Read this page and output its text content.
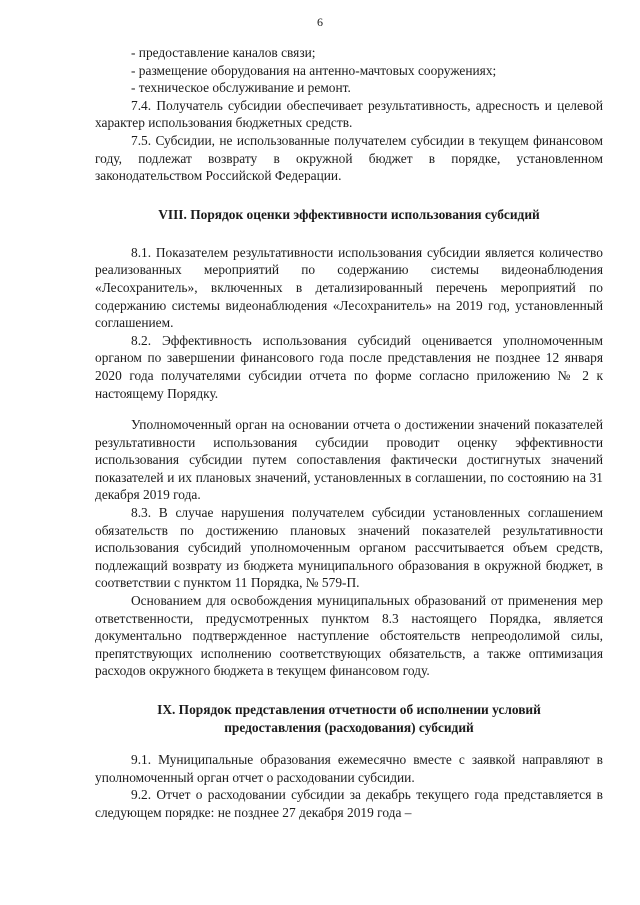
6

- предоставление каналов связи;

- размещение оборудования на антенно-мачтовых сооружениях;

- техническое обслуживание и ремонт.

7.4. Получатель субсидии обеспечивает результативность, адресность и целевой характер использования бюджетных средств.

7.5. Субсидии, не использованные получателем субсидии в текущем финансовом году, подлежат возврату в окружной бюджет в порядке, установленном законодательством Российской Федерации.

VIII. Порядок оценки эффективности использования субсидий

8.1. Показателем результативности использования субсидии является количество реализованных мероприятий по содержанию системы видеонаблюдения «Лесохранитель», включенных в детализированный перечень мероприятий по содержанию системы видеонаблюдения «Лесохранитель» на 2019 год, установленный соглашением.

8.2. Эффективность использования субсидий оценивается уполномоченным органом по завершении финансового года после представления не позднее 12 января 2020 года получателями субсидии отчета по форме согласно приложению № 2 к настоящему Порядку.

Уполномоченный орган на основании отчета о достижении значений показателей результативности использования субсидии проводит оценку эффективности использования субсидии путем сопоставления фактически достигнутых значений показателей и их плановых значений, установленных в соглашении, по состоянию на 31 декабря 2019 года.

8.3. В случае нарушения получателем субсидии установленных соглашением обязательств по достижению плановых значений показателей результативности использования субсидий уполномоченным органом рассчитывается объем средств, подлежащий возврату из бюджета муниципального образования в окружной бюджет, в соответствии с пунктом 11 Порядка, № 579-П.

Основанием для освобождения муниципальных образований от применения мер ответственности, предусмотренных пунктом 8.3 настоящего Порядка, является документально подтвержденное наступление обстоятельств непреодолимой силы, препятствующих исполнению соответствующих обязательств, а также оптимизация расходов окружного бюджета в текущем финансовом году.

IX. Порядок представления отчетности об исполнении условий

предоставления (расходования) субсидий

9.1. Муниципальные образования ежемесячно вместе с заявкой направляют в уполномоченный орган отчет о расходовании субсидии.

9.2. Отчет о расходовании субсидии за декабрь текущего года представляется в следующем порядке: не позднее 27 декабря 2019 года –
